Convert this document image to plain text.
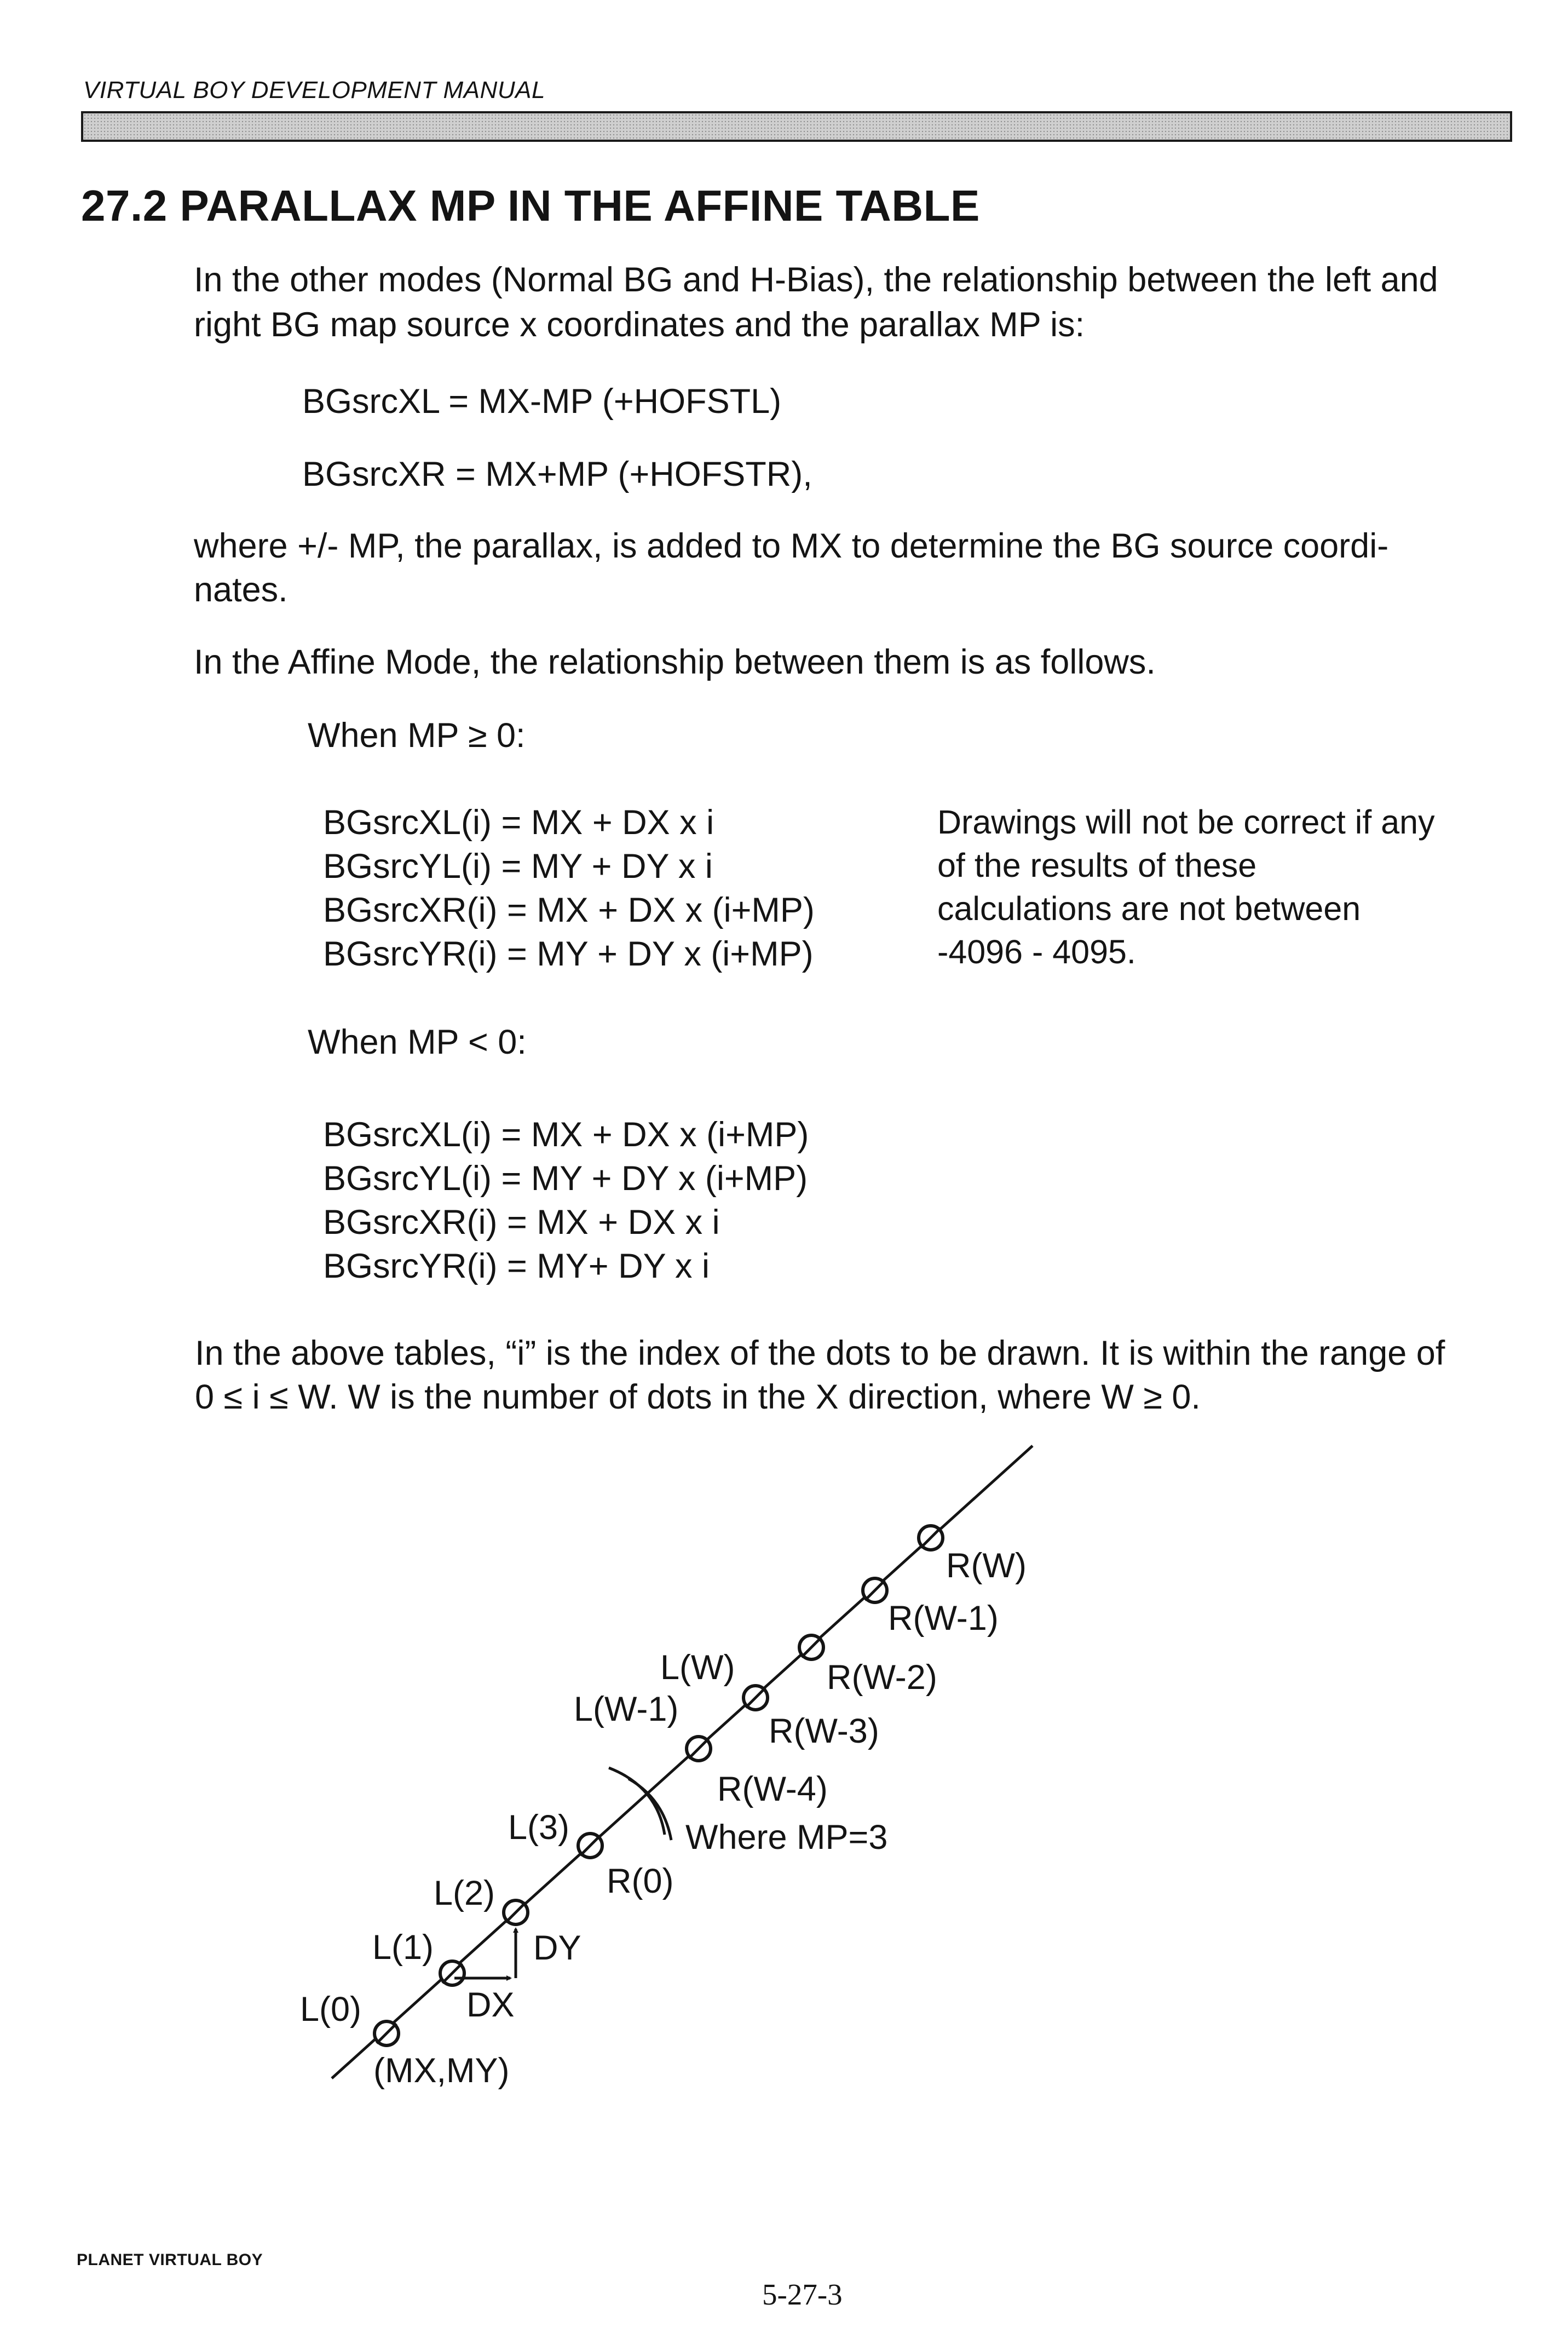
VIRTUAL BOY DEVELOPMENT MANUAL
27.2 PARALLAX MP IN THE AFFINE TABLE

In the other modes (Normal BG and H-Bias), the relationship between the left and

right BG map source x coordinates and the parallax MP is:

BGsrcXL = MX-MP (+HOFSTL)

BGsrcXR = MX+MP (+HOFSTR),

where +/- MP, the parallax, is added to MX to determine the BG source coordi-

nates.

In the Affine Mode, the relationship between them is as follows.

When MP ≥ 0:

BGsrcXL(i) = MX + DX x i
BGsrcYL(i) = MY + DY x i
BGsrcXR(i) = MX + DX x (i+MP)
BGsrcYR(i) = MY + DY x (i+MP)
Drawings will not be correct if any
of the results of these
calculations are not between
-4096 - 4095.

When MP < 0:

BGsrcXL(i) = MX + DX x (i+MP)
BGsrcYL(i) = MY + DY x (i+MP)
BGsrcXR(i) = MX + DX x i
BGsrcYR(i) = MY+ DY x i

In the above tables, “i” is the index of the dots to be drawn. It is within the range of

0 ≤ i ≤ W. W is the number of dots in the X direction, where W ≥ 0.

L(0)
L(1)
L(2)
L(3)
L(W-1)
L(W)
R(0)
R(W-4)
R(W-3)
R(W-2)
R(W-1)
R(W)
Where MP=3
DY
DX
(MX,MY)
PLANET VIRTUAL BOY
5-27-3
